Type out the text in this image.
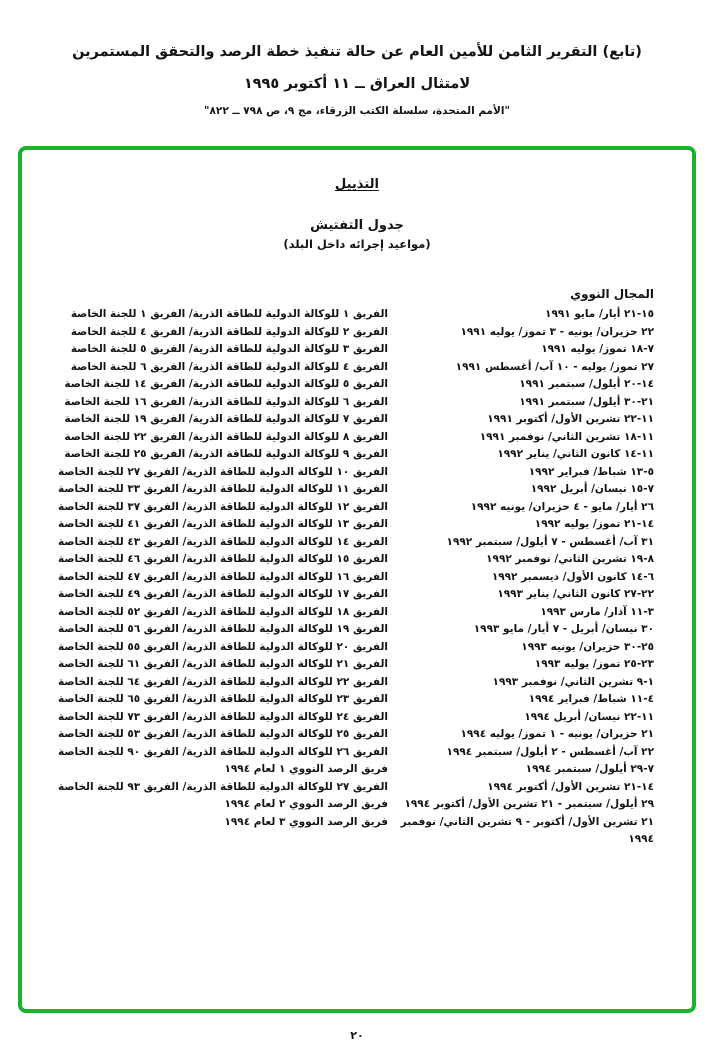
(تابع) التقرير الثامن للأمين العام عن حالة تنفيذ خطة الرصد والتحقق المستمرين
لامتثال العراق ــ ١١ أكتوبر ١٩٩٥
"الأمم المتحدة، سلسلة الكتب الزرقاء، مج ٩، ص ٧٩٨ ــ ٨٢٢"
التذييل
جدول التفتيش
(مواعيد إجرائه داخل البلد)
المجال النووي
١٥-٢١ أيار/ مايو ١٩٩١
الفريق ١ للوكالة الدولية للطاقة الذرية/ الفريق ١ للجنة الخاصة
٢٢ حزيران/ يونيه - ٣ تموز/ يوليه ١٩٩١
الفريق ٢ للوكالة الدولية للطاقة الذرية/ الفريق ٤ للجنة الخاصة
٧-١٨ تموز/ يوليه ١٩٩١
الفريق ٣ للوكالة الدولية للطاقة الذرية/ الفريق ٥ للجنة الخاصة
٢٧ تموز/ يوليه - ١٠ آب/ أغسطس ١٩٩١
الفريق ٤ للوكالة الدولية للطاقة الذرية/ الفريق ٦ للجنة الخاصة
١٤-٢٠ أيلول/ سبتمبر ١٩٩١
الفريق ٥ للوكالة الدولية للطاقة الذرية/ الفريق ١٤ للجنة الخاصة
٢١-٣٠ أيلول/ سبتمبر ١٩٩١
الفريق ٦ للوكالة الدولية للطاقة الذرية/ الفريق ١٦ للجنة الخاصة
١١-٢٢ تشرين الأول/ أكتوبر ١٩٩١
الفريق ٧ للوكالة الدولية للطاقة الذرية/ الفريق ١٩ للجنة الخاصة
١١-١٨ تشرين الثاني/ نوفمبر ١٩٩١
الفريق ٨ للوكالة الدولية للطاقة الذرية/ الفريق ٢٢ للجنة الخاصة
١١-١٤ كانون الثاني/ يناير ١٩٩٢
الفريق ٩ للوكالة الدولية للطاقة الذرية/ الفريق ٢٥ للجنة الخاصة
٥-١٣ شباط/ فبراير ١٩٩٢
الفريق ١٠ للوكالة الدولية للطاقة الذرية/ الفريق ٢٧ للجنة الخاصة
٧-١٥ نيسان/ أبريل ١٩٩٢
الفريق ١١ للوكالة الدولية للطاقة الذرية/ الفريق ٣٣ للجنة الخاصة
٢٦ أيار/ مايو - ٤ حزيران/ يونيه ١٩٩٢
الفريق ١٢ للوكالة الدولية للطاقة الذرية/ الفريق ٣٧ للجنة الخاصة
١٤-٢١ تموز/ يوليه ١٩٩٢
الفريق ١٣ للوكالة الدولية للطاقة الذرية/ الفريق ٤١ للجنة الخاصة
٣١ آب/ أغسطس - ٧ أيلول/ سبتمبر ١٩٩٢
الفريق ١٤ للوكالة الدولية للطاقة الذرية/ الفريق ٤٣ للجنة الخاصة
٨-١٩ تشرين الثاني/ نوفمبر ١٩٩٢
الفريق ١٥ للوكالة الدولية للطاقة الذرية/ الفريق ٤٦ للجنة الخاصة
٦-١٤ كانون الأول/ ديسمبر ١٩٩٢
الفريق ١٦ للوكالة الدولية للطاقة الذرية/ الفريق ٤٧ للجنة الخاصة
٢٢-٢٧ كانون الثاني/ يناير ١٩٩٣
الفريق ١٧ للوكالة الدولية للطاقة الذرية/ الفريق ٤٩ للجنة الخاصة
٣-١١ آذار/ مارس ١٩٩٣
الفريق ١٨ للوكالة الدولية للطاقة الذرية/ الفريق ٥٢ للجنة الخاصة
٣٠ نيسان/ أبريل - ٧ أيار/ مايو ١٩٩٣
الفريق ١٩ للوكالة الدولية للطاقة الذرية/ الفريق ٥٦ للجنة الخاصة
٢٥-٣٠ حزيران/ يونيه ١٩٩٣
الفريق ٢٠ للوكالة الدولية للطاقة الذرية/ الفريق ٥٥ للجنة الخاصة
٢٣-٢٥ تموز/ يوليه ١٩٩٣
الفريق ٢١ للوكالة الدولية للطاقة الذرية/ الفريق ٦١ للجنة الخاصة
١-٩ تشرين الثاني/ نوفمبر ١٩٩٣
الفريق ٢٢ للوكالة الدولية للطاقة الذرية/ الفريق ٦٤ للجنة الخاصة
٤-١١ شباط/ فبراير ١٩٩٤
الفريق ٢٣ للوكالة الدولية للطاقة الذرية/ الفريق ٦٥ للجنة الخاصة
١١-٢٢ نيسان/ أبريل ١٩٩٤
الفريق ٢٤ للوكالة الدولية للطاقة الذرية/ الفريق ٧٣ للجنة الخاصة
٢١ حزيران/ يونيه - ١ تموز/ يوليه ١٩٩٤
الفريق ٢٥ للوكالة الدولية للطاقة الذرية/ الفريق ٥٣ للجنة الخاصة
٢٢ آب/ أغسطس - ٢ أيلول/ سبتمبر ١٩٩٤
الفريق ٢٦ للوكالة الدولية للطاقة الذرية/ الفريق ٩٠ للجنة الخاصة
٧-٢٩ أيلول/ سبتمبر ١٩٩٤
فريق الرصد النووي ١ لعام ١٩٩٤
١٤-٢١ تشرين الأول/ أكتوبر ١٩٩٤
الفريق ٢٧ للوكالة الدولية للطاقة الذرية/ الفريق ٩٣ للجنة الخاصة
٢٩ أيلول/ سبتمبر - ٢١ تشرين الأول/ أكتوبر ١٩٩٤
فريق الرصد النووي ٢ لعام ١٩٩٤
٢١ تشرين الأول/ أكتوبر - ٩ تشرين الثاني/ نوفمبر ١٩٩٤
فريق الرصد النووي ٣ لعام ١٩٩٤
٢٠
